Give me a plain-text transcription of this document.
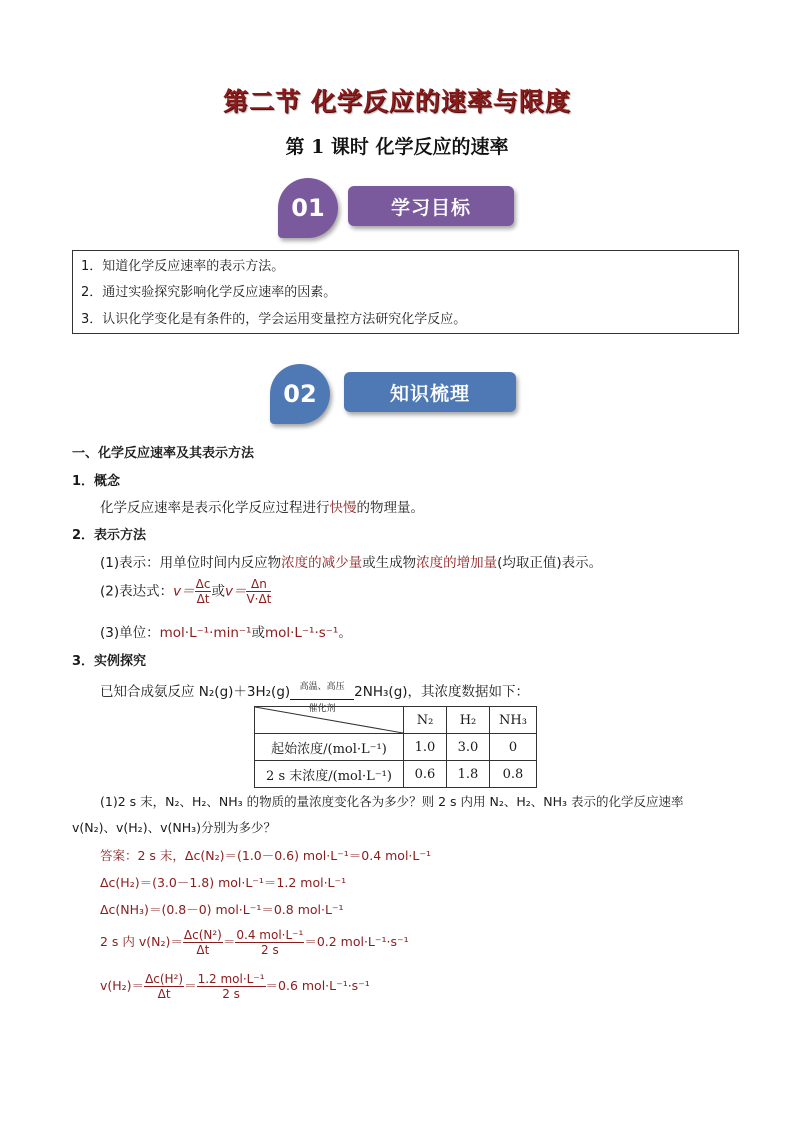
第二节 化学反应的速率与限度
第 1 课时 化学反应的速率
学习目标
01
1．知道化学反应速率的表示方法。
2．通过实验探究影响化学反应速率的因素。
3．认识化学变化是有条件的，学会运用变量控方法研究化学反应。
知识梳理
02
一、化学反应速率及其表示方法
1．概念
化学反应速率是表示化学反应过程进行快慢的物理量。
2．表示方法
(1)表示：用单位时间内反应物浓度的减少量或生成物浓度的增加量(均取正值)表示。
(2)表达式：$v= \frac{\Delta c}{\Delta t}$ 或$v= \frac{\Delta n}{V\cdot\Delta t}$
(3)单位：mol·L⁻¹·min⁻¹或mol·L⁻¹·s⁻¹。
3．实例探究
已知合成氨反应 N₂(g)＋3H₂(g)	高温、高压
催化剂
2NH₃(g)，其浓度数据如下：
	N₂	H₂	NH₃
起始浓度/(mol·L⁻¹)	1.0	3.0	0
2 s 末浓度/(mol·L⁻¹)	0.6	1.8	0.8
(1)2 s 末，N₂、H₂、NH₃ 的物质的量浓度变化各为多少？则 2 s 内用 N₂、H₂、NH₃ 表示的化学反应速率
v(N₂)、v(H₂)、v(NH₃)分别为多少？
答案：2 s 末，Δc(N₂)＝(1.0－0.6) mol·L⁻¹＝0.4 mol·L⁻¹
Δc(H₂)＝(3.0－1.8) mol·L⁻¹＝1.2 mol·L⁻¹
Δc(NH₃)＝(0.8－0) mol·L⁻¹＝0.8 mol·L⁻¹
2 s 内 $v(N_2)= \frac{\text{Δc(N²)}}{\Delta t} = \frac{\text{0.4 mol·L⁻¹}}{2 s} =0.2$ mol·L⁻¹·s⁻¹
$v(H_2)= \frac{\text{Δc(H²)}}{\Delta t} = \frac{\text{1.2 mol·L⁻¹}}{2 s} =0.6$ mol·L⁻¹·s⁻¹
